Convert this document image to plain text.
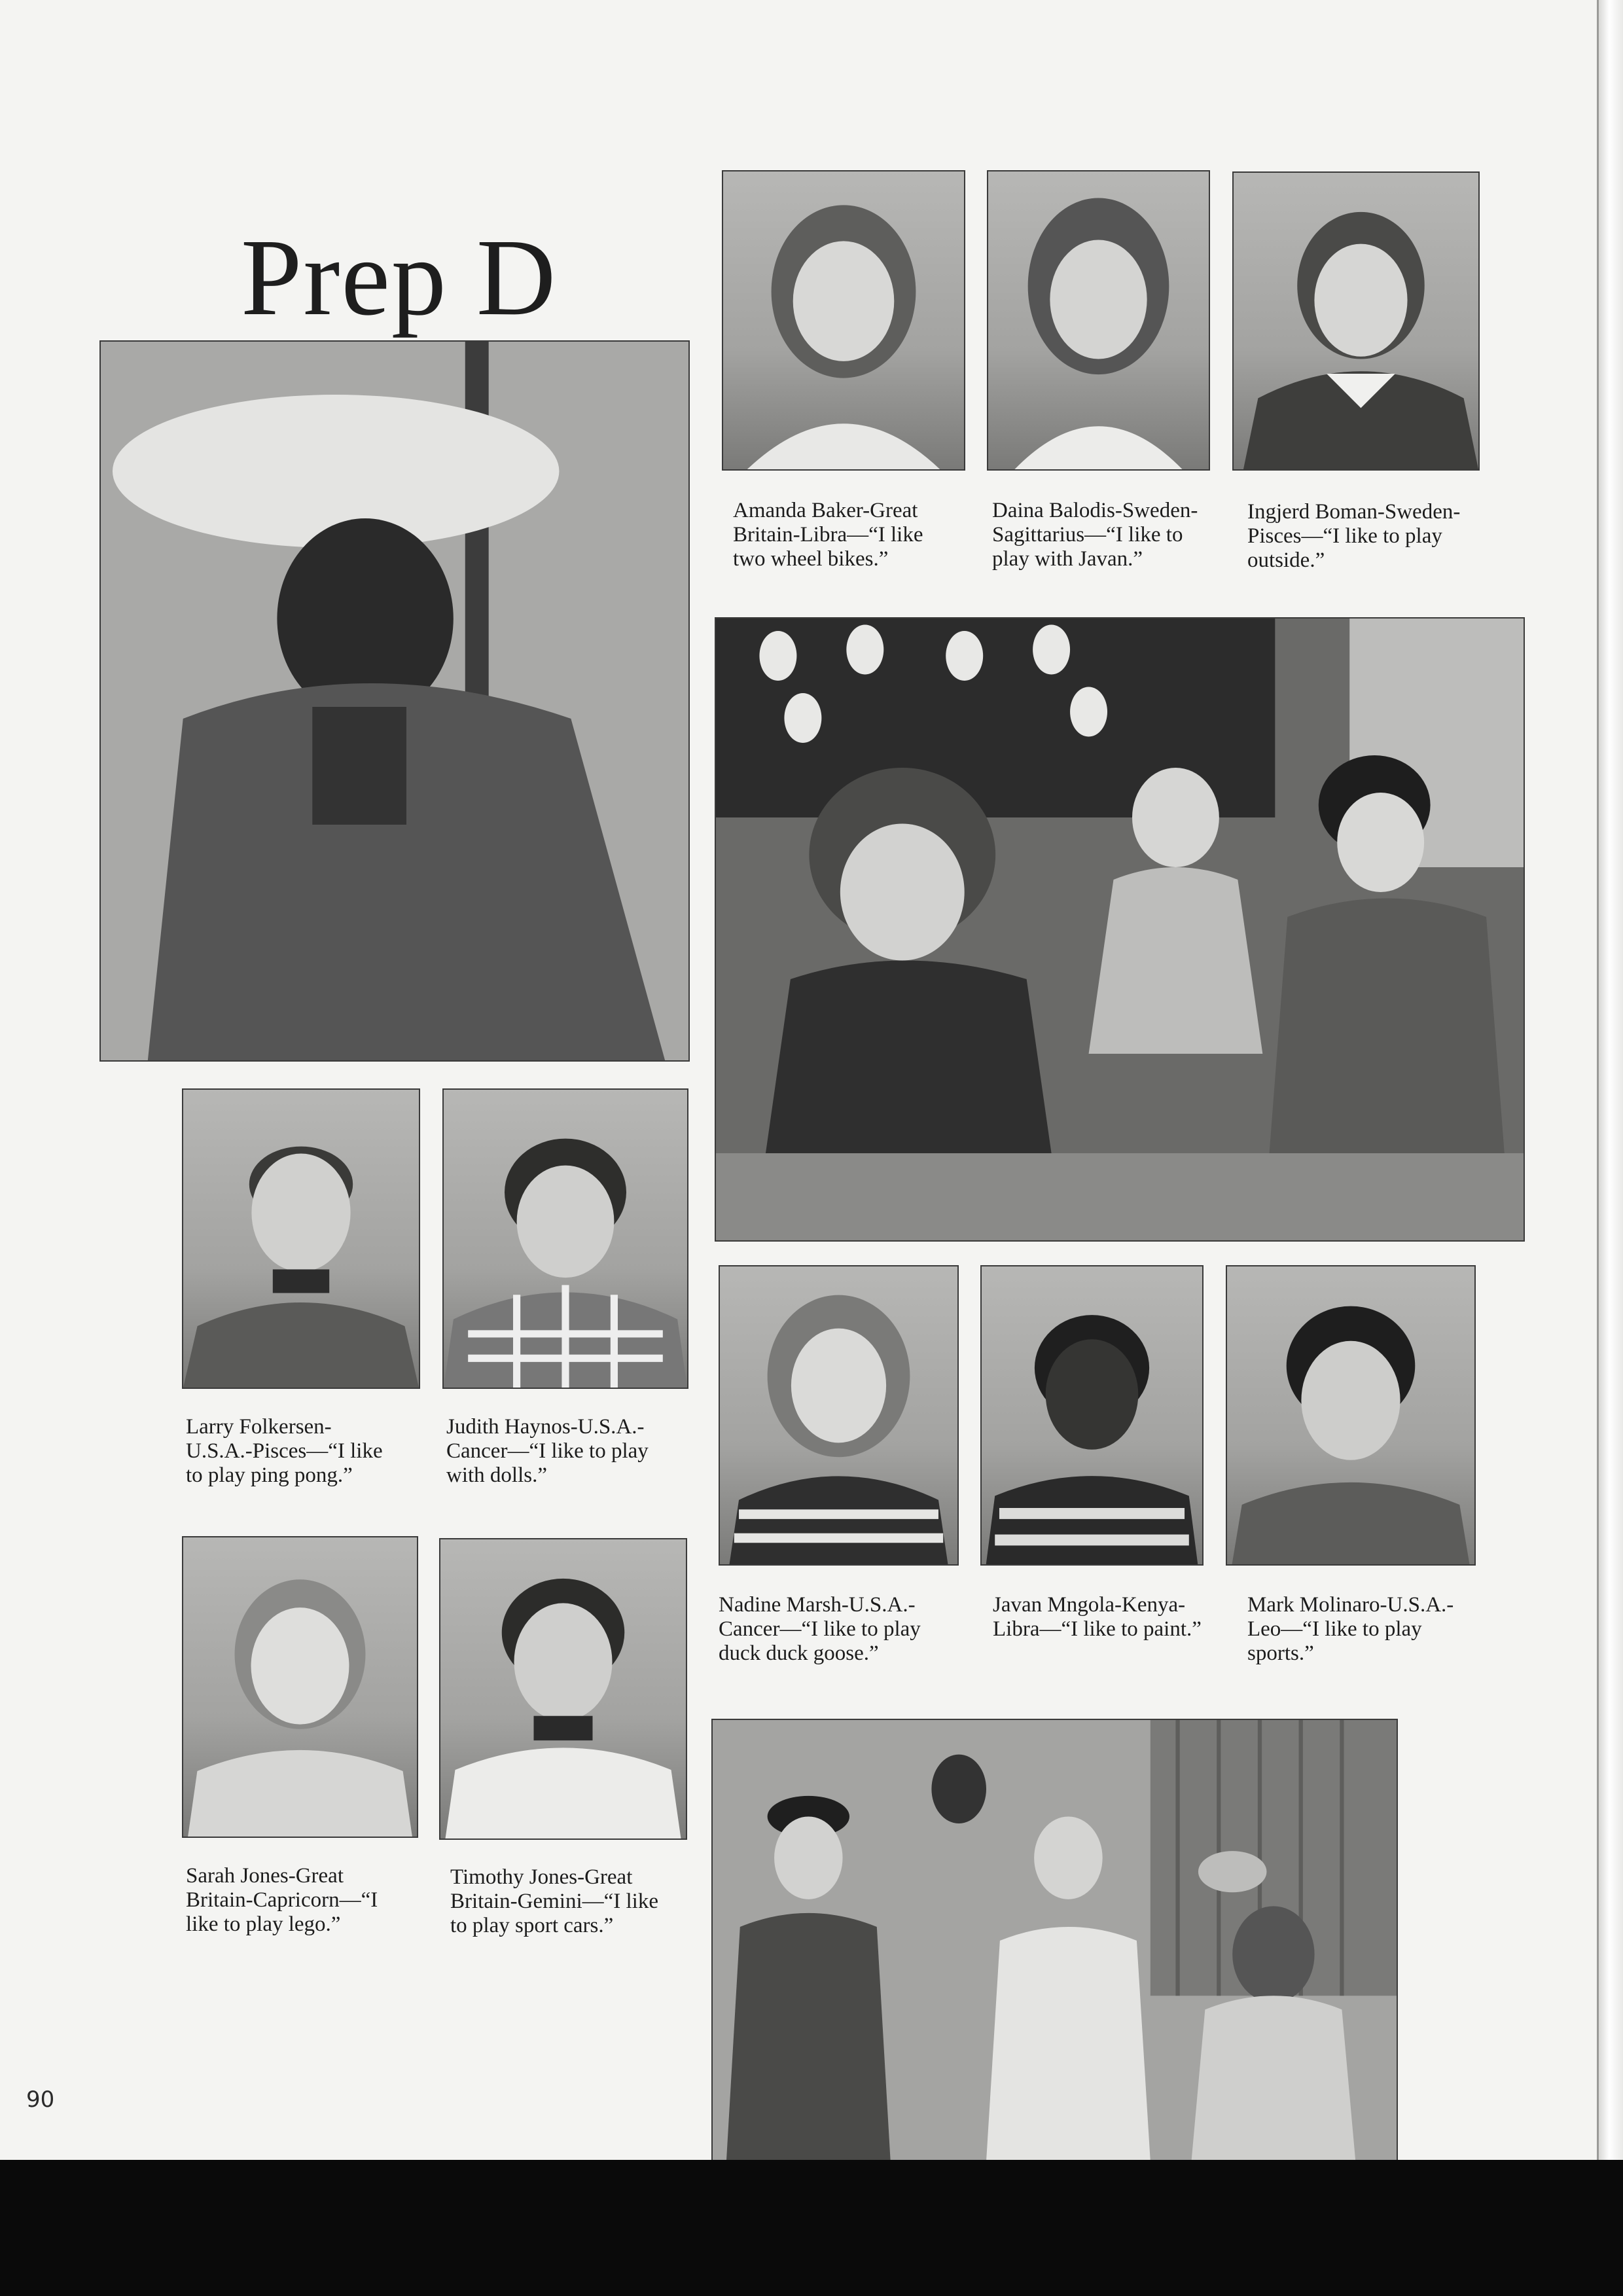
Prep D
Amanda Baker-Great
Britain-Libra—“I like
two wheel bikes.”
Daina Balodis-Sweden-
Sagittarius—“I like to
play with Javan.”
Ingjerd Boman-Sweden-
Pisces—“I like to play
outside.”
Larry Folkersen-
U.S.A.-Pisces—“I like
to play ping pong.”
Judith Haynos-U.S.A.-
Cancer—“I like to play
with dolls.”
Nadine Marsh-U.S.A.-
Cancer—“I like to play
duck duck goose.”
Javan Mngola-Kenya-
Libra—“I like to paint.”
Mark Molinaro-U.S.A.-
Leo—“I like to play
sports.”
Sarah Jones-Great
Britain-Capricorn—“I
like to play lego.”
Timothy Jones-Great
Britain-Gemini—“I like
to play sport cars.”
90
